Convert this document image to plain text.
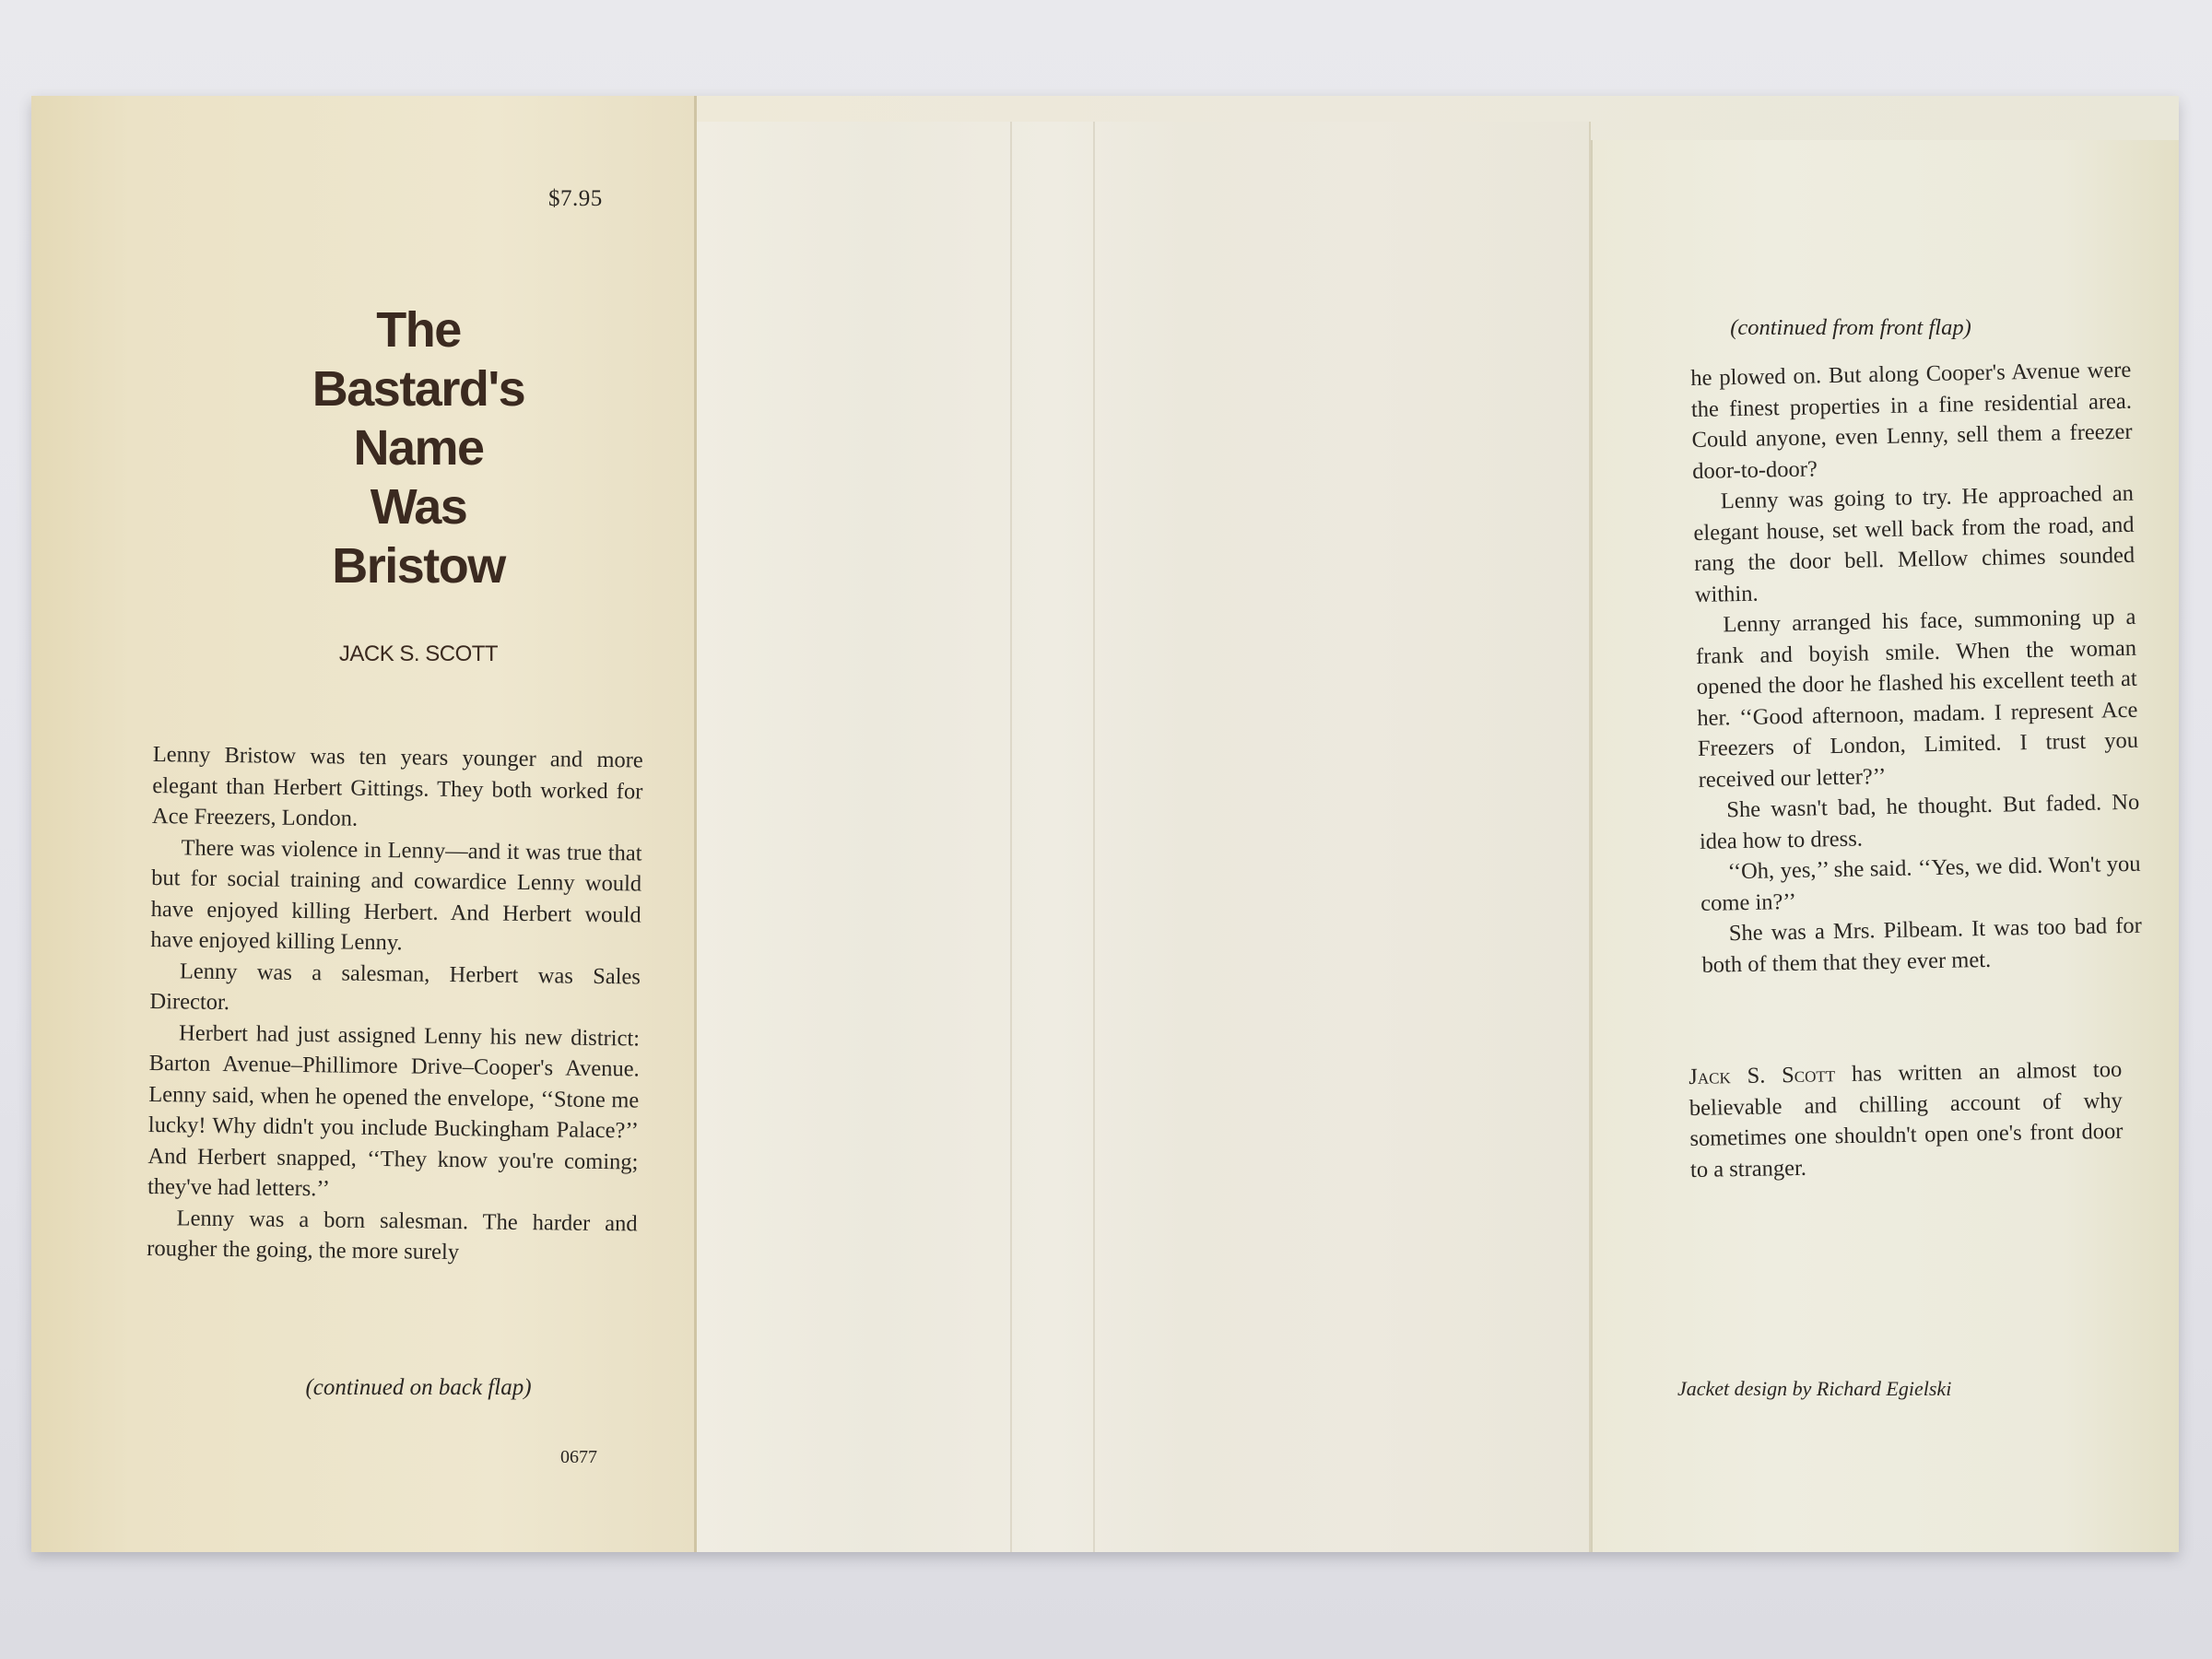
$7.95
The
Bastard's
Name
Was
Bristow
JACK S. SCOTT

Lenny Bristow was ten years younger and more elegant than Herbert Gittings. They both worked for Ace Freezers, London.

There was violence in Lenny—and it was true that but for social training and cowardice Lenny would have enjoyed killing Herbert. And Herbert would have enjoyed killing Lenny.

Lenny was a salesman, Herbert was Sales Director.

Herbert had just assigned Lenny his new district: Barton Avenue–Phillimore Drive–Cooper's Avenue. Lenny said, when he opened the envelope, ‘‘Stone me lucky! Why didn't you include Buckingham Palace?’’ And Herbert snapped, ‘‘They know you're coming; they've had letters.’’

Lenny was a born salesman. The harder and rougher the going, the more surely

(continued on back flap)
0677
(continued from front flap)

he plowed on. But along Cooper's Avenue were the finest properties in a fine residential area. Could anyone, even Lenny, sell them a freezer door-to-door?

Lenny was going to try. He approached an elegant house, set well back from the road, and rang the door bell. Mellow chimes sounded within.

Lenny arranged his face, summoning up a frank and boyish smile. When the woman opened the door he flashed his excellent teeth at her. ‘‘Good afternoon, madam. I represent Ace Freezers of London, Limited. I trust you received our letter?’’

She wasn't bad, he thought. But faded. No idea how to dress.

‘‘Oh, yes,’’ she said. ‘‘Yes, we did. Won't you come in?’’

She was a Mrs. Pilbeam. It was too bad for both of them that they ever met.

Jack S. Scott has written an almost too believable and chilling account of why sometimes one shouldn't open one's front door to a stranger.
Jacket design by Richard Egielski
